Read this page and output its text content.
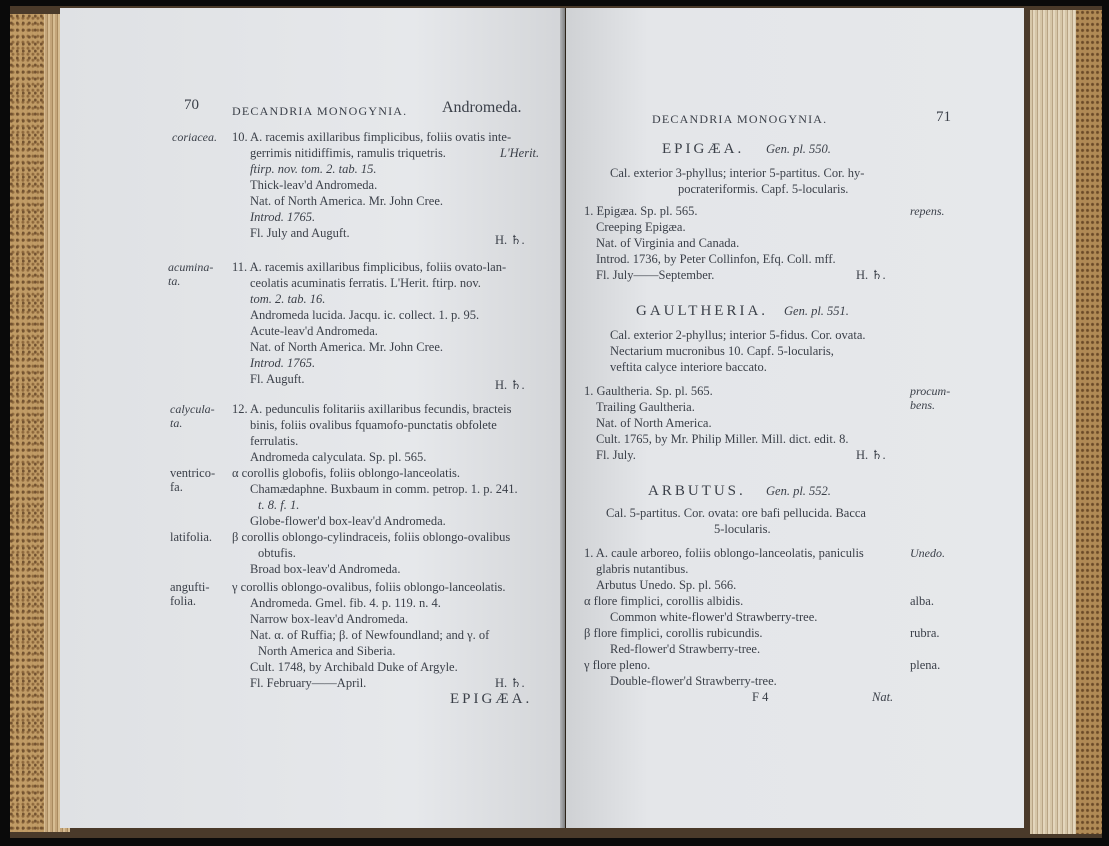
70	DECANDRIA MONOGYNIA. Andromeda.
coriacea. 10. A. racemis axillaribus fimplicibus, foliis ovatis inte-
gerrimis nitidiffimis, ramulis triquetris.	L'Herit.
ftirp. nov. tom. 2. tab. 15.
Thick-leav'd Andromeda.
Nat. of North America. Mr. John Cree.
Introd. 1765.
Fl. July and Auguft.	H. ♄.
acumina-
ta.
11. A. racemis axillaribus fimplicibus, foliis ovato-lan-
ceolatis acuminatis ferratis. L'Herit. ftirp. nov.
tom. 2. tab. 16.
Andromeda lucida. Jacqu. ic. collect. 1. p. 95.
Acute-leav'd Andromeda.
Nat. of North America. Mr. John Cree.
Introd. 1765.
Fl. Auguft.	H. ♄.
calycula-
ta.
12. A. pedunculis folitariis axillaribus fecundis, bracteis
binis, foliis ovalibus fquamofo-punctatis obfolete
ferrulatis.
Andromeda calyculata. Sp. pl. 565.
ventrico-
fa.
α corollis globofis, foliis oblongo-lanceolatis.
Chamædaphne. Buxbaum in comm. petrop. 1. p. 241.
t. 8. f. 1.
Globe-flower'd box-leav'd Andromeda.
latifolia. β corollis oblongo-cylindraceis, foliis oblongo-ovalibus
obtufis.
Broad box-leav'd Andromeda.
angufti-
folia.
γ corollis oblongo-ovalibus, foliis oblongo-lanceolatis.
Andromeda. Gmel. fib. 4. p. 119. n. 4.
Narrow box-leav'd Andromeda.
Nat. α. of Ruffia; β. of Newfoundland; and γ. of
North America and Siberia.
Cult. 1748, by Archibald Duke of Argyle.
Fl. February——April.	H. ♄.
EPIGÆA.
DECANDRIA MONOGYNIA.	71
EPIGÆA. Gen. pl. 550.
Cal. exterior 3-phyllus; interior 5-partitus. Cor. hy-
pocrateriformis. Capf. 5-locularis.
1. Epigæa. Sp. pl. 565.	repens.
Creeping Epigæa.
Nat. of Virginia and Canada.
Introd. 1736, by Peter Collinfon, Efq. Coll. mff.
Fl. July——September.	H. ♄.
GAULTHERIA. Gen. pl. 551.
Cal. exterior 2-phyllus; interior 5-fidus. Cor. ovata.
Nectarium mucronibus 10. Capf. 5-locularis,
veftita calyce interiore baccato.
1. Gaultheria. Sp. pl. 565.	procum-
bens.
Trailing Gaultheria.
Nat. of North America.
Cult. 1765, by Mr. Philip Miller. Mill. dict. edit. 8.
Fl. July.	H. ♄.
ARBUTUS. Gen. pl. 552.
Cal. 5-partitus. Cor. ovata: ore bafi pellucida. Bacca
5-locularis.
1. A. caule arboreo, foliis oblongo-lanceolatis, paniculis	Unedo.
glabris nutantibus.
Arbutus Unedo. Sp. pl. 566.
α flore fimplici, corollis albidis.	alba.
Common white-flower'd Strawberry-tree.
β flore fimplici, corollis rubicundis.	rubra.
Red-flower'd Strawberry-tree.
γ flore pleno.	plena.
Double-flower'd Strawberry-tree.
F 4	Nat.
